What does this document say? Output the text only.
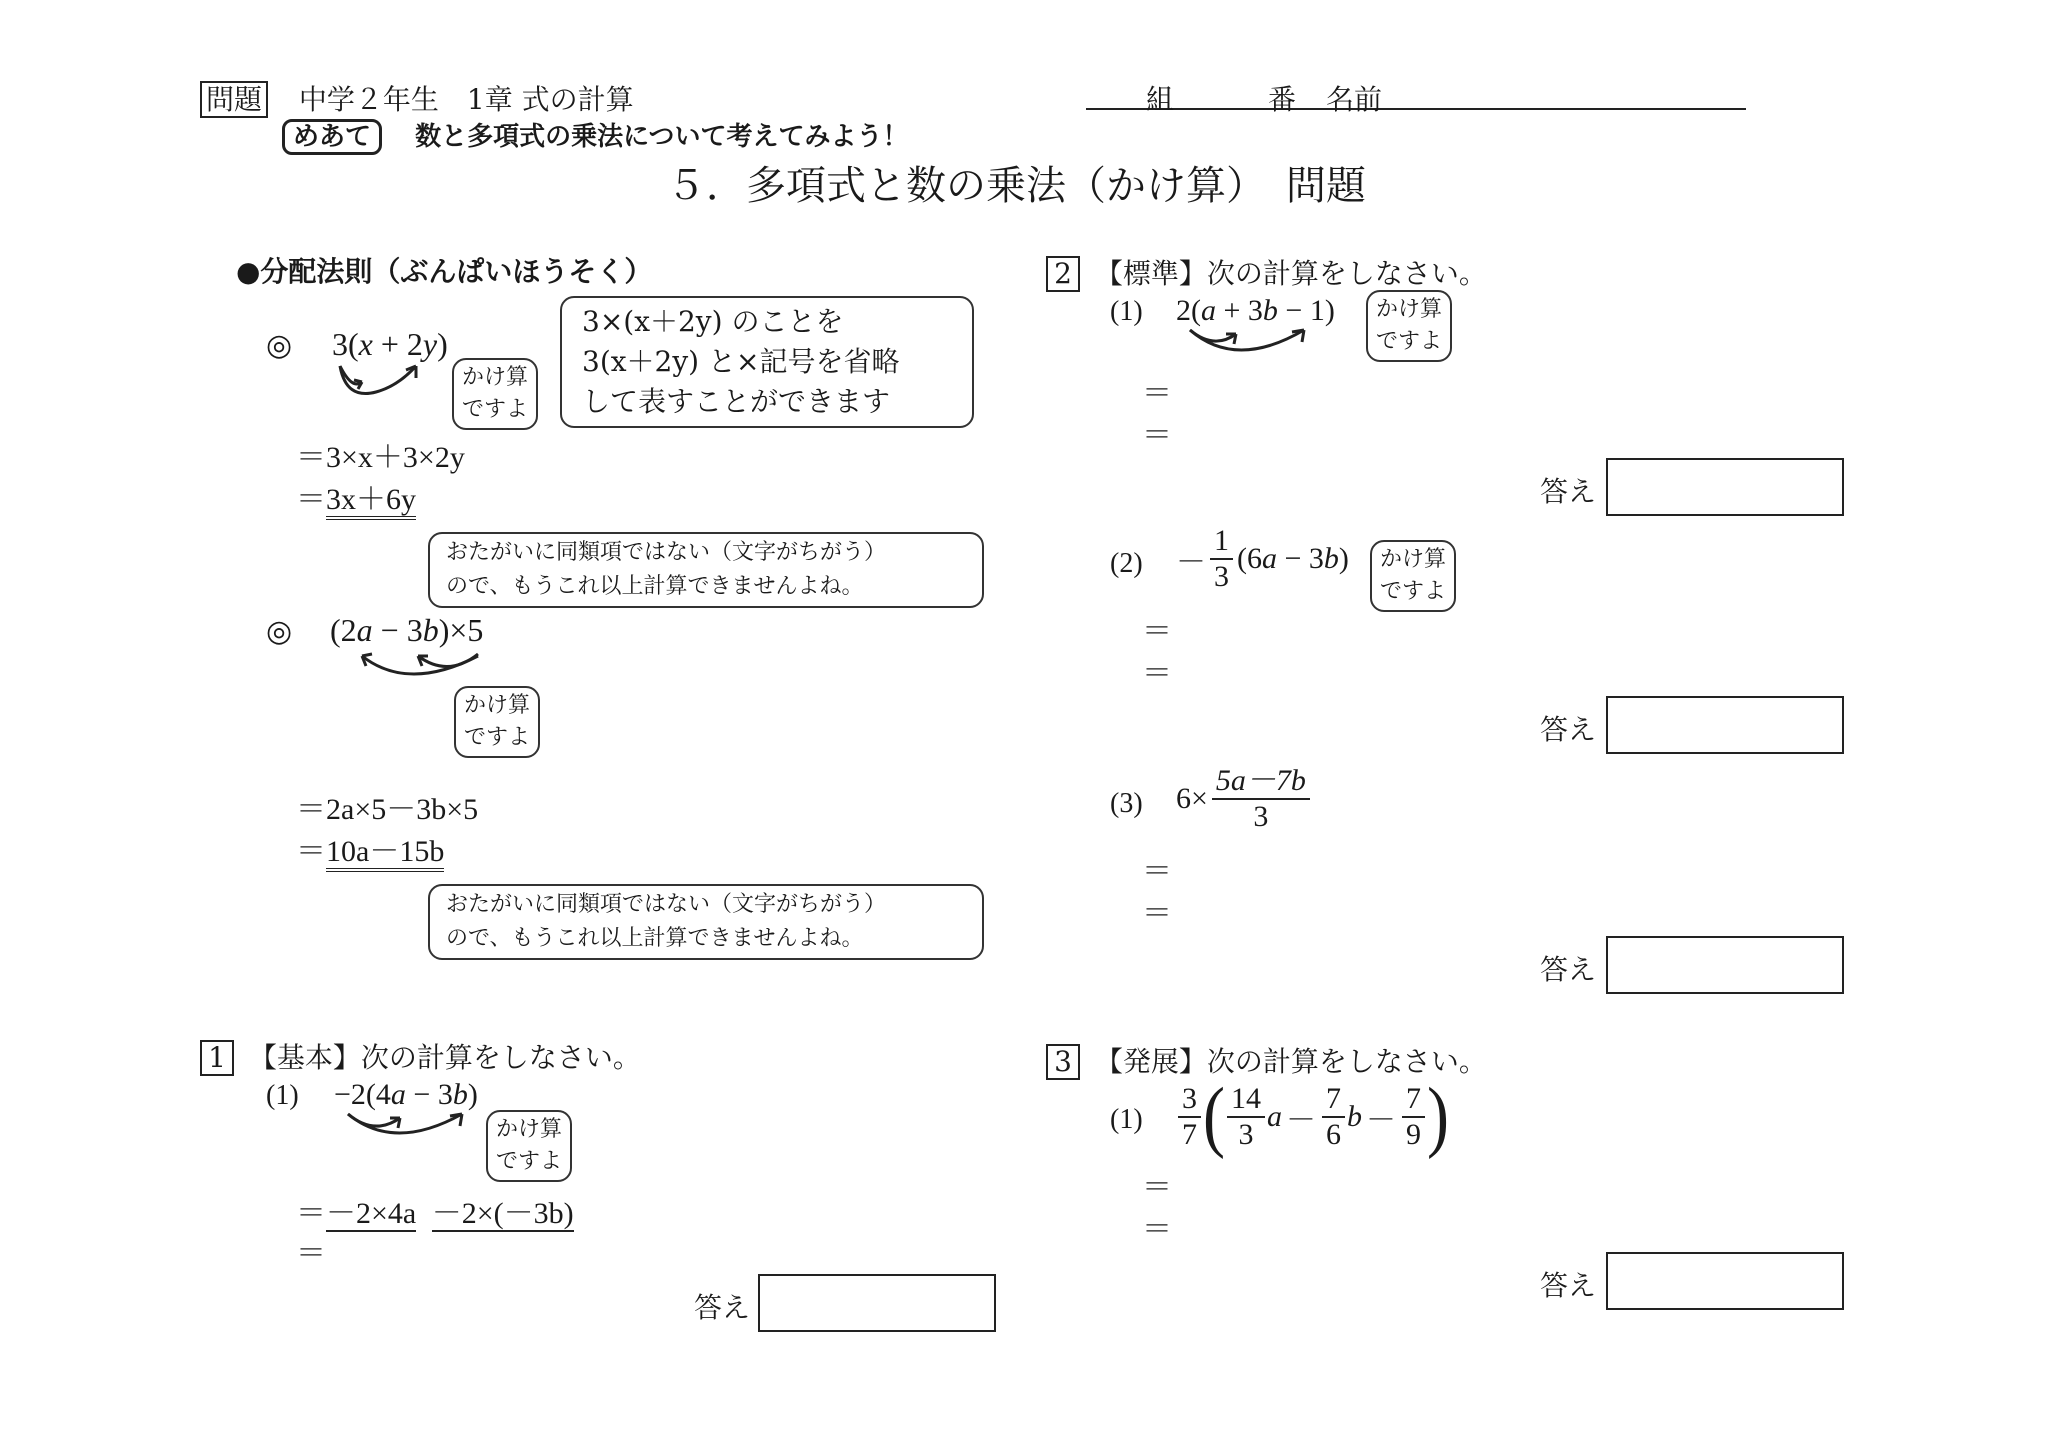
問題 中学２年生　1章 式の計算	組	番 名前
めあて 数と多項式の乗法について考えてみよう！
５．多項式と数の乗法（かけ算）　問題
●分配法則（ぶんぱいほうそく）
◎ 3(x + 2y)
かけ算
ですよ
3×(x＋2y) のことを
3(x＋2y) と×記号を省略
して表すことができます
＝3×x＋3×2y
＝3x＋6y
おたがいに同類項ではない（文字がちがう）
ので、もうこれ以上計算できませんよね。
◎ (2a − 3b)×5
かけ算
ですよ
＝2a×5－3b×5
＝10a－15b
おたがいに同類項ではない（文字がちがう）
ので、もうこれ以上計算できませんよね。
1 【基本】次の計算をしなさい。
(1) −2(4a − 3b)
かけ算
ですよ
＝－2×4a －2×(－3b)
＝
答え
2 【標準】次の計算をしなさい。
(1) 2(a + 3b − 1) かけ算
ですよ
＝
＝
答え
$(2) - \frac{1}{3} (6a - 3b)$ かけ算
ですよ
＝
＝
答え
(3) $6\times \frac{5a-7b}{3}$
＝
＝
答え
3 【発展】次の計算をしなさい。
$(1) \frac{3}{7}$ ( $\frac{14}{3}$ $a - \frac{7}{6}$ $b - \frac{7}{9}$ )
＝
＝
答え
